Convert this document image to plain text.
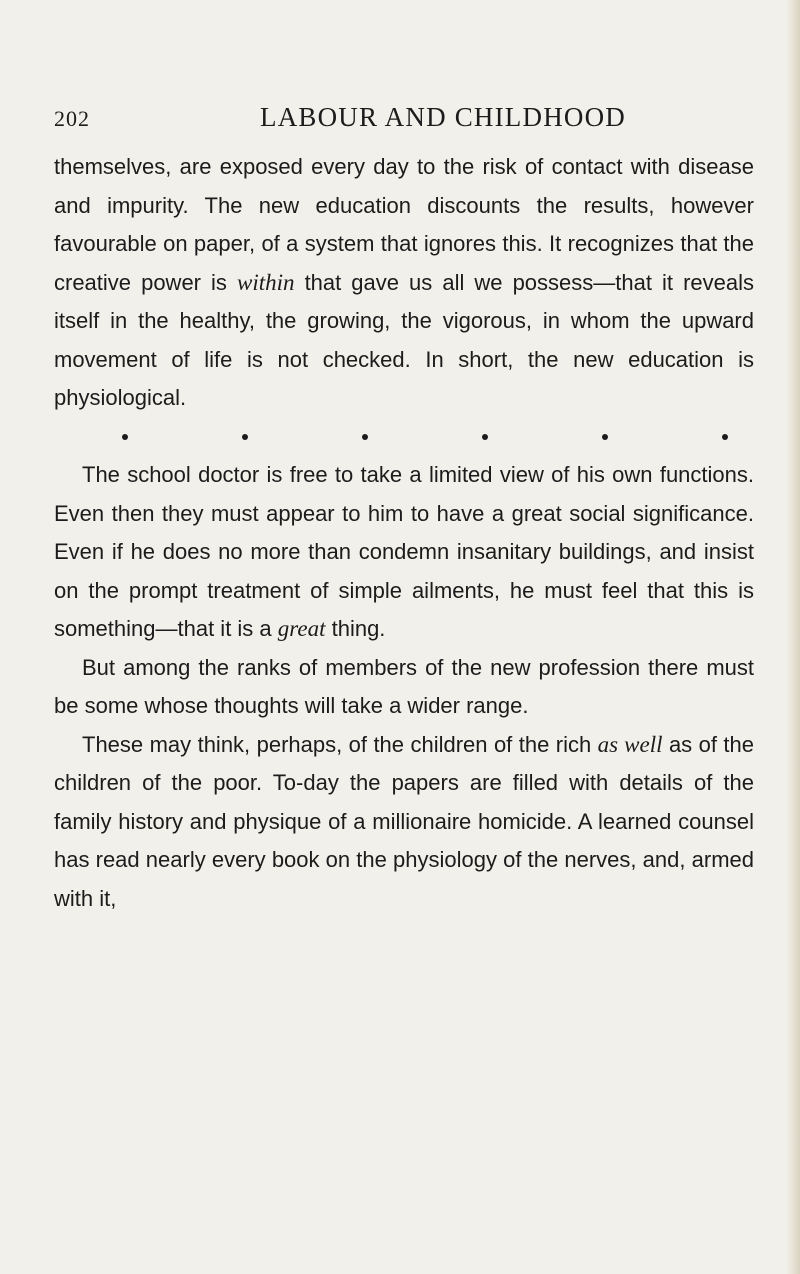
202	LABOUR AND CHILDHOOD

themselves, are exposed every day to the risk of contact with disease and impurity. The new education discounts the results, however favourable on paper, of a system that ignores this. It recognizes that the creative power is within that gave us all we possess—that it reveals itself in the healthy, the growing, the vigorous, in whom the upward movement of life is not checked. In short, the new education is physiological.

The school doctor is free to take a limited view of his own functions. Even then they must appear to him to have a great social significance. Even if he does no more than condemn insanitary buildings, and insist on the prompt treatment of simple ailments, he must feel that this is something—that it is a great thing.

But among the ranks of members of the new profession there must be some whose thoughts will take a wider range.

These may think, perhaps, of the children of the rich as well as of the children of the poor. To-day the papers are filled with details of the family history and physique of a millionaire homicide. A learned counsel has read nearly every book on the physiology of the nerves, and, armed with it,
